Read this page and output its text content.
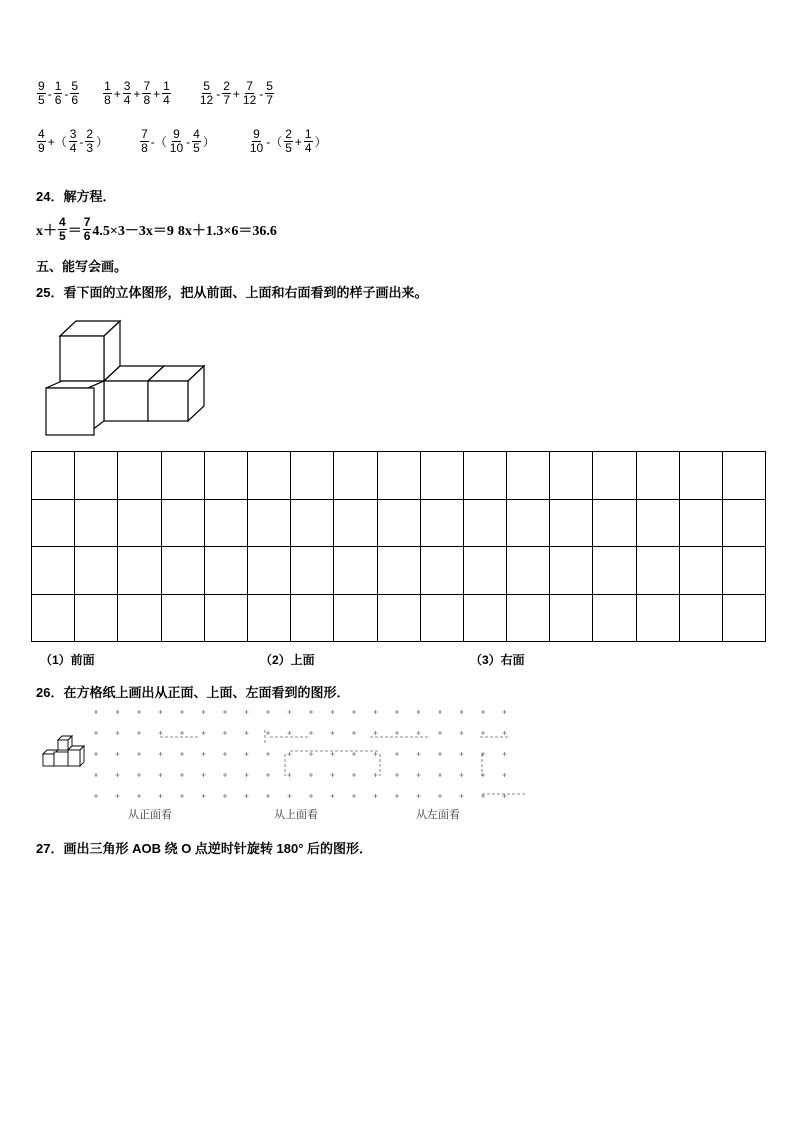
$\frac{9}{5} - \frac{1}{6} - \frac{5}{6} \frac{1}{8} + \frac{3}{4} + \frac{7}{8} + \frac{1}{4} \frac{5}{12} - \frac{2}{7} + \frac{7}{12} - \frac{5}{7}$
$\frac{4}{9}$ +（ $\frac{3}{4} - \frac{2}{3}$ ）	$\frac{7}{8}$ -（ $\frac{9}{10} - \frac{4}{5}$ ）	$\frac{9}{10}$ -（ $\frac{2}{5} + \frac{1}{4}$ ）
24．解方程．
$x+ \frac{4}{5} = \frac{7}{6} 4.5\times 3-3x=9$ 8x＋1.3×6＝36.6
五、能写会画。
25．看下面的立体图形，把从前面、上面和右面看到的样子画出来。

（1）前面	（2）上面	（3）右面
26．在方格纸上画出从正面、上面、左面看到的图形．
从正面看	从上面看	从左面看
27．画出三角形 AOB 绕 O 点逆时针旋转 180° 后的图形．
